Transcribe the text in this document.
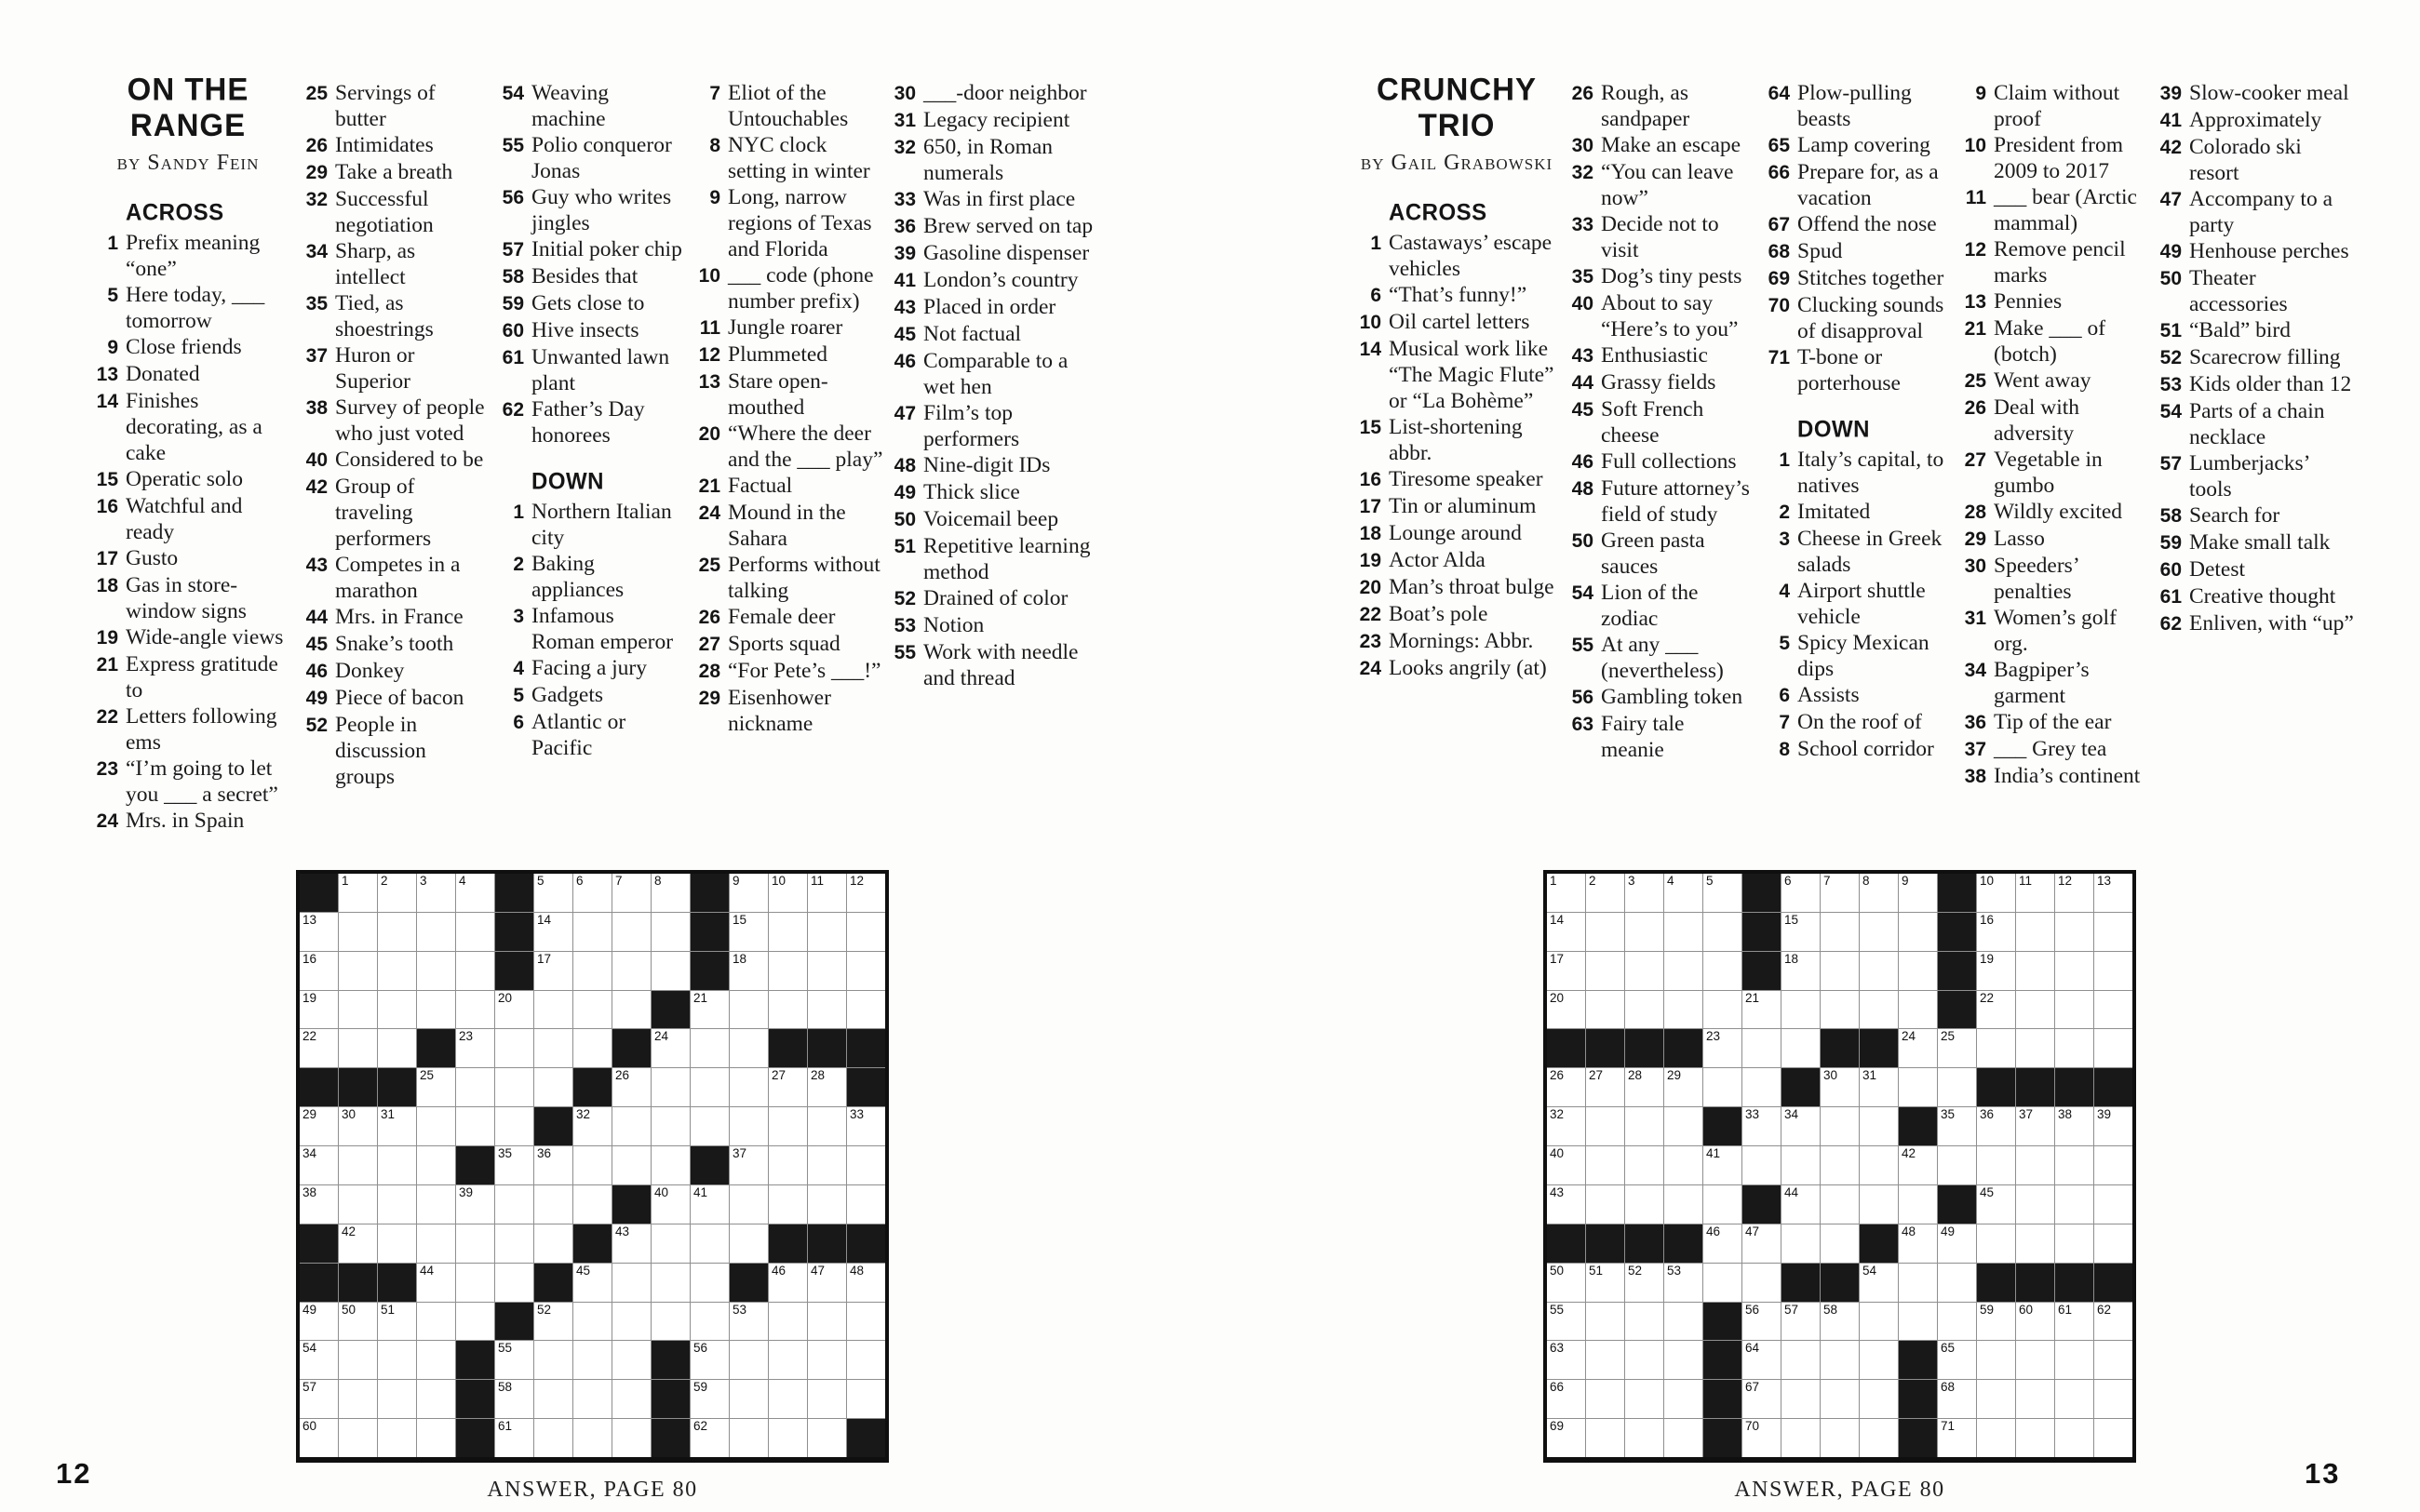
ON THE
RANGE
by Sandy Fein
ACROSS
1 Prefix meaning “one”
5 Here today, ___ tomorrow
9 Close friends
13 Donated
14 Finishes decorating, as a cake
15 Operatic solo
16 Watchful and ready
17 Gusto
18 Gas in store-window signs
19 Wide-angle views
21 Express gratitude to
22 Letters following ems
23 “I’m going to let you ___ a secret”
24 Mrs. in Spain
25 Servings of butter
26 Intimidates
29 Take a breath
32 Successful negotiation
34 Sharp, as intellect
35 Tied, as shoestrings
37 Huron or Superior
38 Survey of people who just voted
40 Considered to be
42 Group of traveling performers
43 Competes in a marathon
44 Mrs. in France
45 Snake’s tooth
46 Donkey
49 Piece of bacon
52 People in discussion groups
54 Weaving machine
55 Polio conqueror Jonas
56 Guy who writes jingles
57 Initial poker chip
58 Besides that
59 Gets close to
60 Hive insects
61 Unwanted lawn plant
62 Father’s Day honorees
DOWN
1 Northern Italian city
2 Baking appliances
3 Infamous Roman emperor
4 Facing a jury
5 Gadgets
6 Atlantic or Pacific
7 Eliot of the Untouchables
8 NYC clock setting in winter
9 Long, narrow regions of Texas and Florida
10 ___ code (phone number prefix)
11 Jungle roarer
12 Plummeted
13 Stare open-mouthed
20 “Where the deer and the ___ play”
21 Factual
24 Mound in the Sahara
25 Performs without talking
26 Female deer
27 Sports squad
28 “For Pete’s ___!”
29 Eisenhower nickname
30 ___-door neighbor
31 Legacy recipient
32 650, in Roman numerals
33 Was in first place
36 Brew served on tap
39 Gasoline dispenser
41 London’s country
43 Placed in order
45 Not factual
46 Comparable to a wet hen
47 Film’s top performers
48 Nine-digit IDs
49 Thick slice
50 Voicemail beep
51 Repetitive learning method
52 Drained of color
53 Notion
55 Work with needle and thread
1	2	3	4	5	6	7	8	9	10 11 12
13	14	15
16	17	18
19	20	21
22	23	24
25	26	27 28
29 30 31	32	33
34	35 36	37
38	39	40 41
42	43
44	45	46 47 48
49 50 51	52	53
54	55	56
57	58	59
60	61	62
ANSWER, PAGE 80
12
CRUNCHY
TRIO
by Gail Grabowski
ACROSS
1 Castaways’ escape vehicles
6 “That’s funny!”
10 Oil cartel letters
14 Musical work like “The Magic Flute” or “La Bohème”
15 List-shortening abbr.
16 Tiresome speaker
17 Tin or aluminum
18 Lounge around
19 Actor Alda
20 Man’s throat bulge
22 Boat’s pole
23 Mornings: Abbr.
24 Looks angrily (at)
26 Rough, as sandpaper
30 Make an escape
32 “You can leave now”
33 Decide not to visit
35 Dog’s tiny pests
40 About to say “Here’s to you”
43 Enthusiastic
44 Grassy fields
45 Soft French cheese
46 Full collections
48 Future attorney’s field of study
50 Green pasta sauces
54 Lion of the zodiac
55 At any ___ (nevertheless)
56 Gambling token
63 Fairy tale meanie
64 Plow-pulling beasts
65 Lamp covering
66 Prepare for, as a vacation
67 Offend the nose
68 Spud
69 Stitches together
70 Clucking sounds of disapproval
71 T-bone or porterhouse
DOWN
1 Italy’s capital, to natives
2 Imitated
3 Cheese in Greek salads
4 Airport shuttle vehicle
5 Spicy Mexican dips
6 Assists
7 On the roof of
8 School corridor
9 Claim without proof
10 President from 2009 to 2017
11 ___ bear (Arctic mammal)
12 Remove pencil marks
13 Pennies
21 Make ___ of (botch)
25 Went away
26 Deal with adversity
27 Vegetable in gumbo
28 Wildly excited
29 Lasso
30 Speeders’ penalties
31 Women’s golf org.
34 Bagpiper’s garment
36 Tip of the ear
37 ___ Grey tea
38 India’s continent
39 Slow-cooker meal
41 Approximately
42 Colorado ski resort
47 Accompany to a party
49 Henhouse perches
50 Theater accessories
51 “Bald” bird
52 Scarecrow filling
53 Kids older than 12
54 Parts of a chain necklace
57 Lumberjacks’ tools
58 Search for
59 Make small talk
60 Detest
61 Creative thought
62 Enliven, with “up”
1	2	3	4	5	6	7	8	9	10 11 12 13
14	15	16
17	18	19
20	21	22
23	24 25
26 27 28 29	30 31
32	33 34	35 36 37 38 39
40	41	42
43	44	45
46 47	48 49
50 51 52 53	54
55	56 57 58	59 60 61 62
63	64	65
66	67	68
69	70	71
ANSWER, PAGE 80	13
